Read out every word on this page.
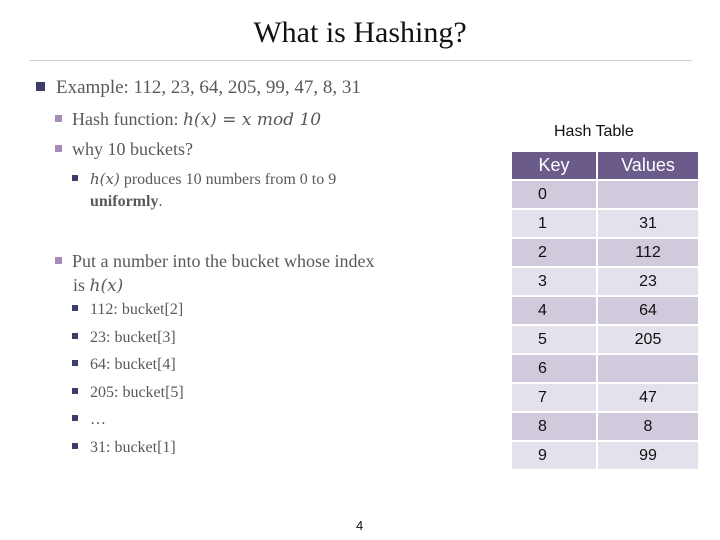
What is Hashing?
Example: 112, 23, 64, 205, 99, 47, 8, 31
Hash function: h(x) = x mod 10
why 10 buckets?
h(x) produces 10 numbers from 0 to 9
uniformly.
Put a number into the bucket whose index
is h(x)
112: bucket[2]
23: bucket[3]
64: bucket[4]
205: bucket[5]
…
31: bucket[1]
Hash Table
Key	Values
0	
1	31
2	112
3	23
4	64
5	205
6	
7	47
8	8
9	99
4
